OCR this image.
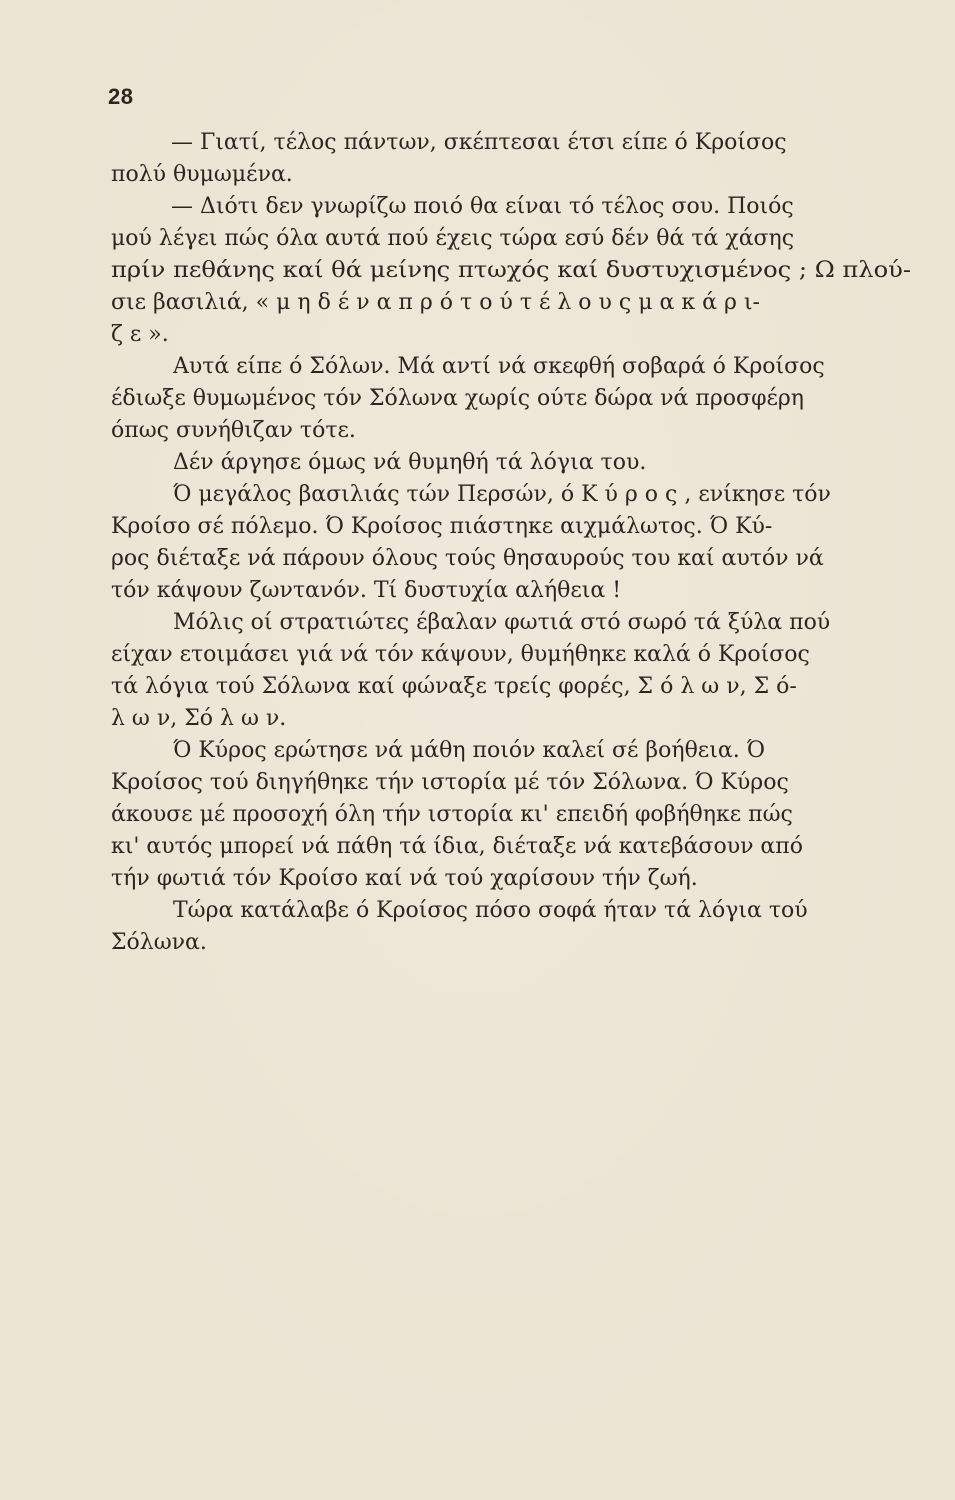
28
— Γιατί, τέλος πάντων, σκέπτεσαι έτσι είπε ό Κροίσος
πολύ θυμωμένα.
— Διότι δεν γνωρίζω ποιό θα είναι τό τέλος σου. Ποιός
μού λέγει πώς όλα αυτά πού έχεις τώρα εσύ δέν θά τά χάσης
πρίν πεθάνης καί θά μείνης πτωχός καί δυστυχισμένος ; Ω πλού-
σιε βασιλιά, « μ η δ έ ν α π ρ ό τ ο ύ τ έ λ ο υ ς μ α κ ά ρ ι-
ζ ε ».
Αυτά είπε ό Σόλων. Μά αντί νά σκεφθή σοβαρά ό Κροίσος
έδιωξε θυμωμένος τόν Σόλωνα χωρίς ούτε δώρα νά προσφέρη
όπως συνήθιζαν τότε.
Δέν άργησε όμως νά θυμηθή τά λόγια του.
Ό μεγάλος βασιλιάς τών Περσών, ό Κ ύ ρ ο ς , ενίκησε τόν
Κροίσο σέ πόλεμο. Ό Κροίσος πιάστηκε αιχμάλωτος. Ό Κύ-
ρος διέταξε νά πάρουν όλους τούς θησαυρούς του καί αυτόν νά
τόν κάψουν ζωντανόν. Τί δυστυχία αλήθεια !
Μόλις οί στρατιώτες έβαλαν φωτιά στό σωρό τά ξύλα πού
είχαν ετοιμάσει γιά νά τόν κάψουν, θυμήθηκε καλά ό Κροίσος
τά λόγια τού Σόλωνα καί φώναξε τρείς φορές, Σ ό λ ω ν, Σ ό-
λ ω ν, Σό λ ω ν.
Ό Κύρος ερώτησε νά μάθη ποιόν καλεί σέ βοήθεια. Ό
Κροίσος τού διηγήθηκε τήν ιστορία μέ τόν Σόλωνα. Ό Κύρος
άκουσε μέ προσοχή όλη τήν ιστορία κι' επειδή φοβήθηκε πώς
κι' αυτός μπορεί νά πάθη τά ίδια, διέταξε νά κατεβάσουν από
τήν φωτιά τόν Κροίσο καί νά τού χαρίσουν τήν ζωή.
Τώρα κατάλαβε ό Κροίσος πόσο σοφά ήταν τά λόγια τού
Σόλωνα.
